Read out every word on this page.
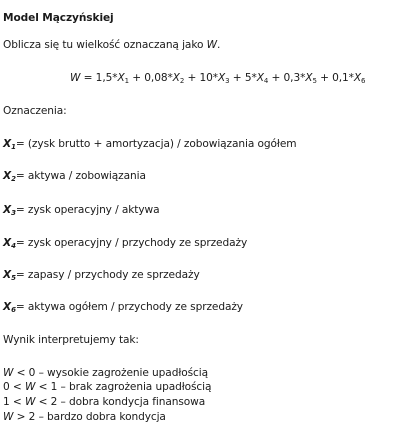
Model Mączyńskiej
Oblicza się tu wielkość oznaczaną jako W.
$W = 1,5*X_1 + 0,08*X_2 + 10*X_3 + 5*X_4 + 0,3*X_5 + 0,1*X_6$
Oznaczenia:
$X_1=$ (zysk brutto + amortyzacja) / zobowiązania ogółem
$X_2=$ aktywa / zobowiązania
$X_3=$ zysk operacyjny / aktywa
$X_4=$ zysk operacyjny / przychody ze sprzedaży
$X_5=$ zapasy / przychody ze sprzedaży
$X_6=$ aktywa ogółem / przychody ze sprzedaży
Wynik interpretujemy tak:
W < 0 – wysokie zagrożenie upadłością
0 < W < 1 – brak zagrożenia upadłością
1 < W < 2 – dobra kondycja finansowa
W > 2 – bardzo dobra kondycja
